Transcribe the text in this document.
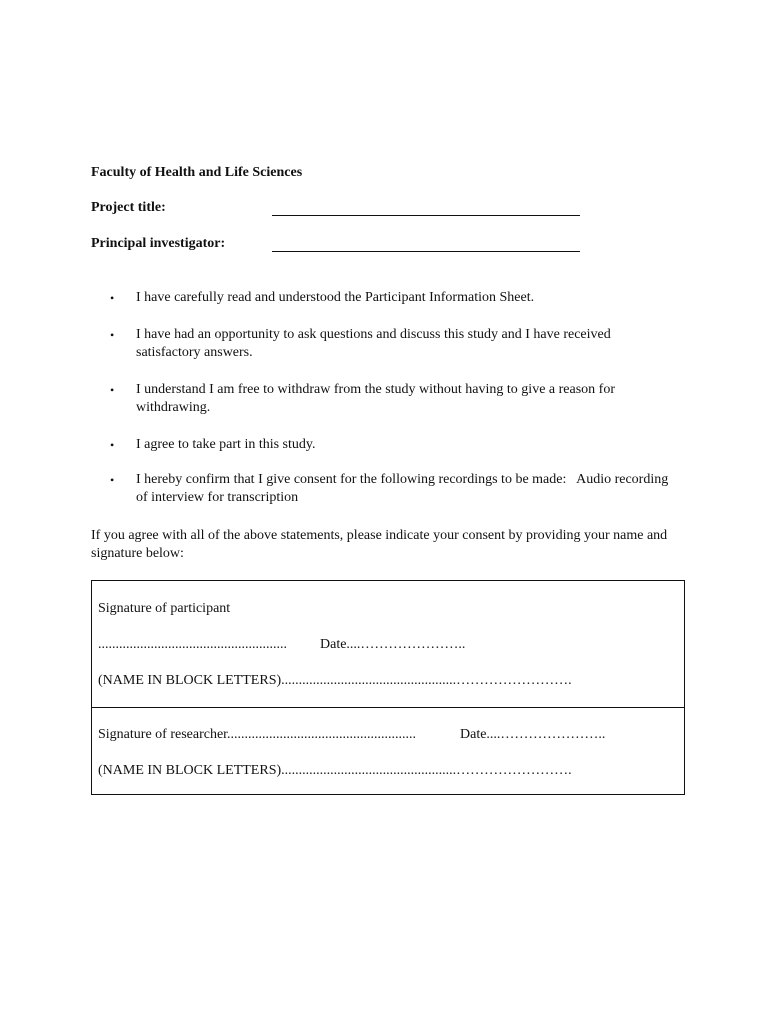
Faculty of Health and Life Sciences
Project title:
Principal investigator:
• I have carefully read and understood the Participant Information Sheet.
• I have had an opportunity to ask questions and discuss this study and I have received satisfactory answers.
• I understand I am free to withdraw from the study without having to give a reason for withdrawing.
• I agree to take part in this study.
• I hereby confirm that I give consent for the following recordings to be made:   Audio recording of interview for transcription
If you agree with all of the above statements, please indicate your consent by providing your name and signature below:
Signature of participant
...................................................... Date....…………………..
(NAME IN BLOCK LETTERS)..................................................…………………….
Signature of researcher......................................................	Date....…………………..
(NAME IN BLOCK LETTERS)..................................................…………………….
